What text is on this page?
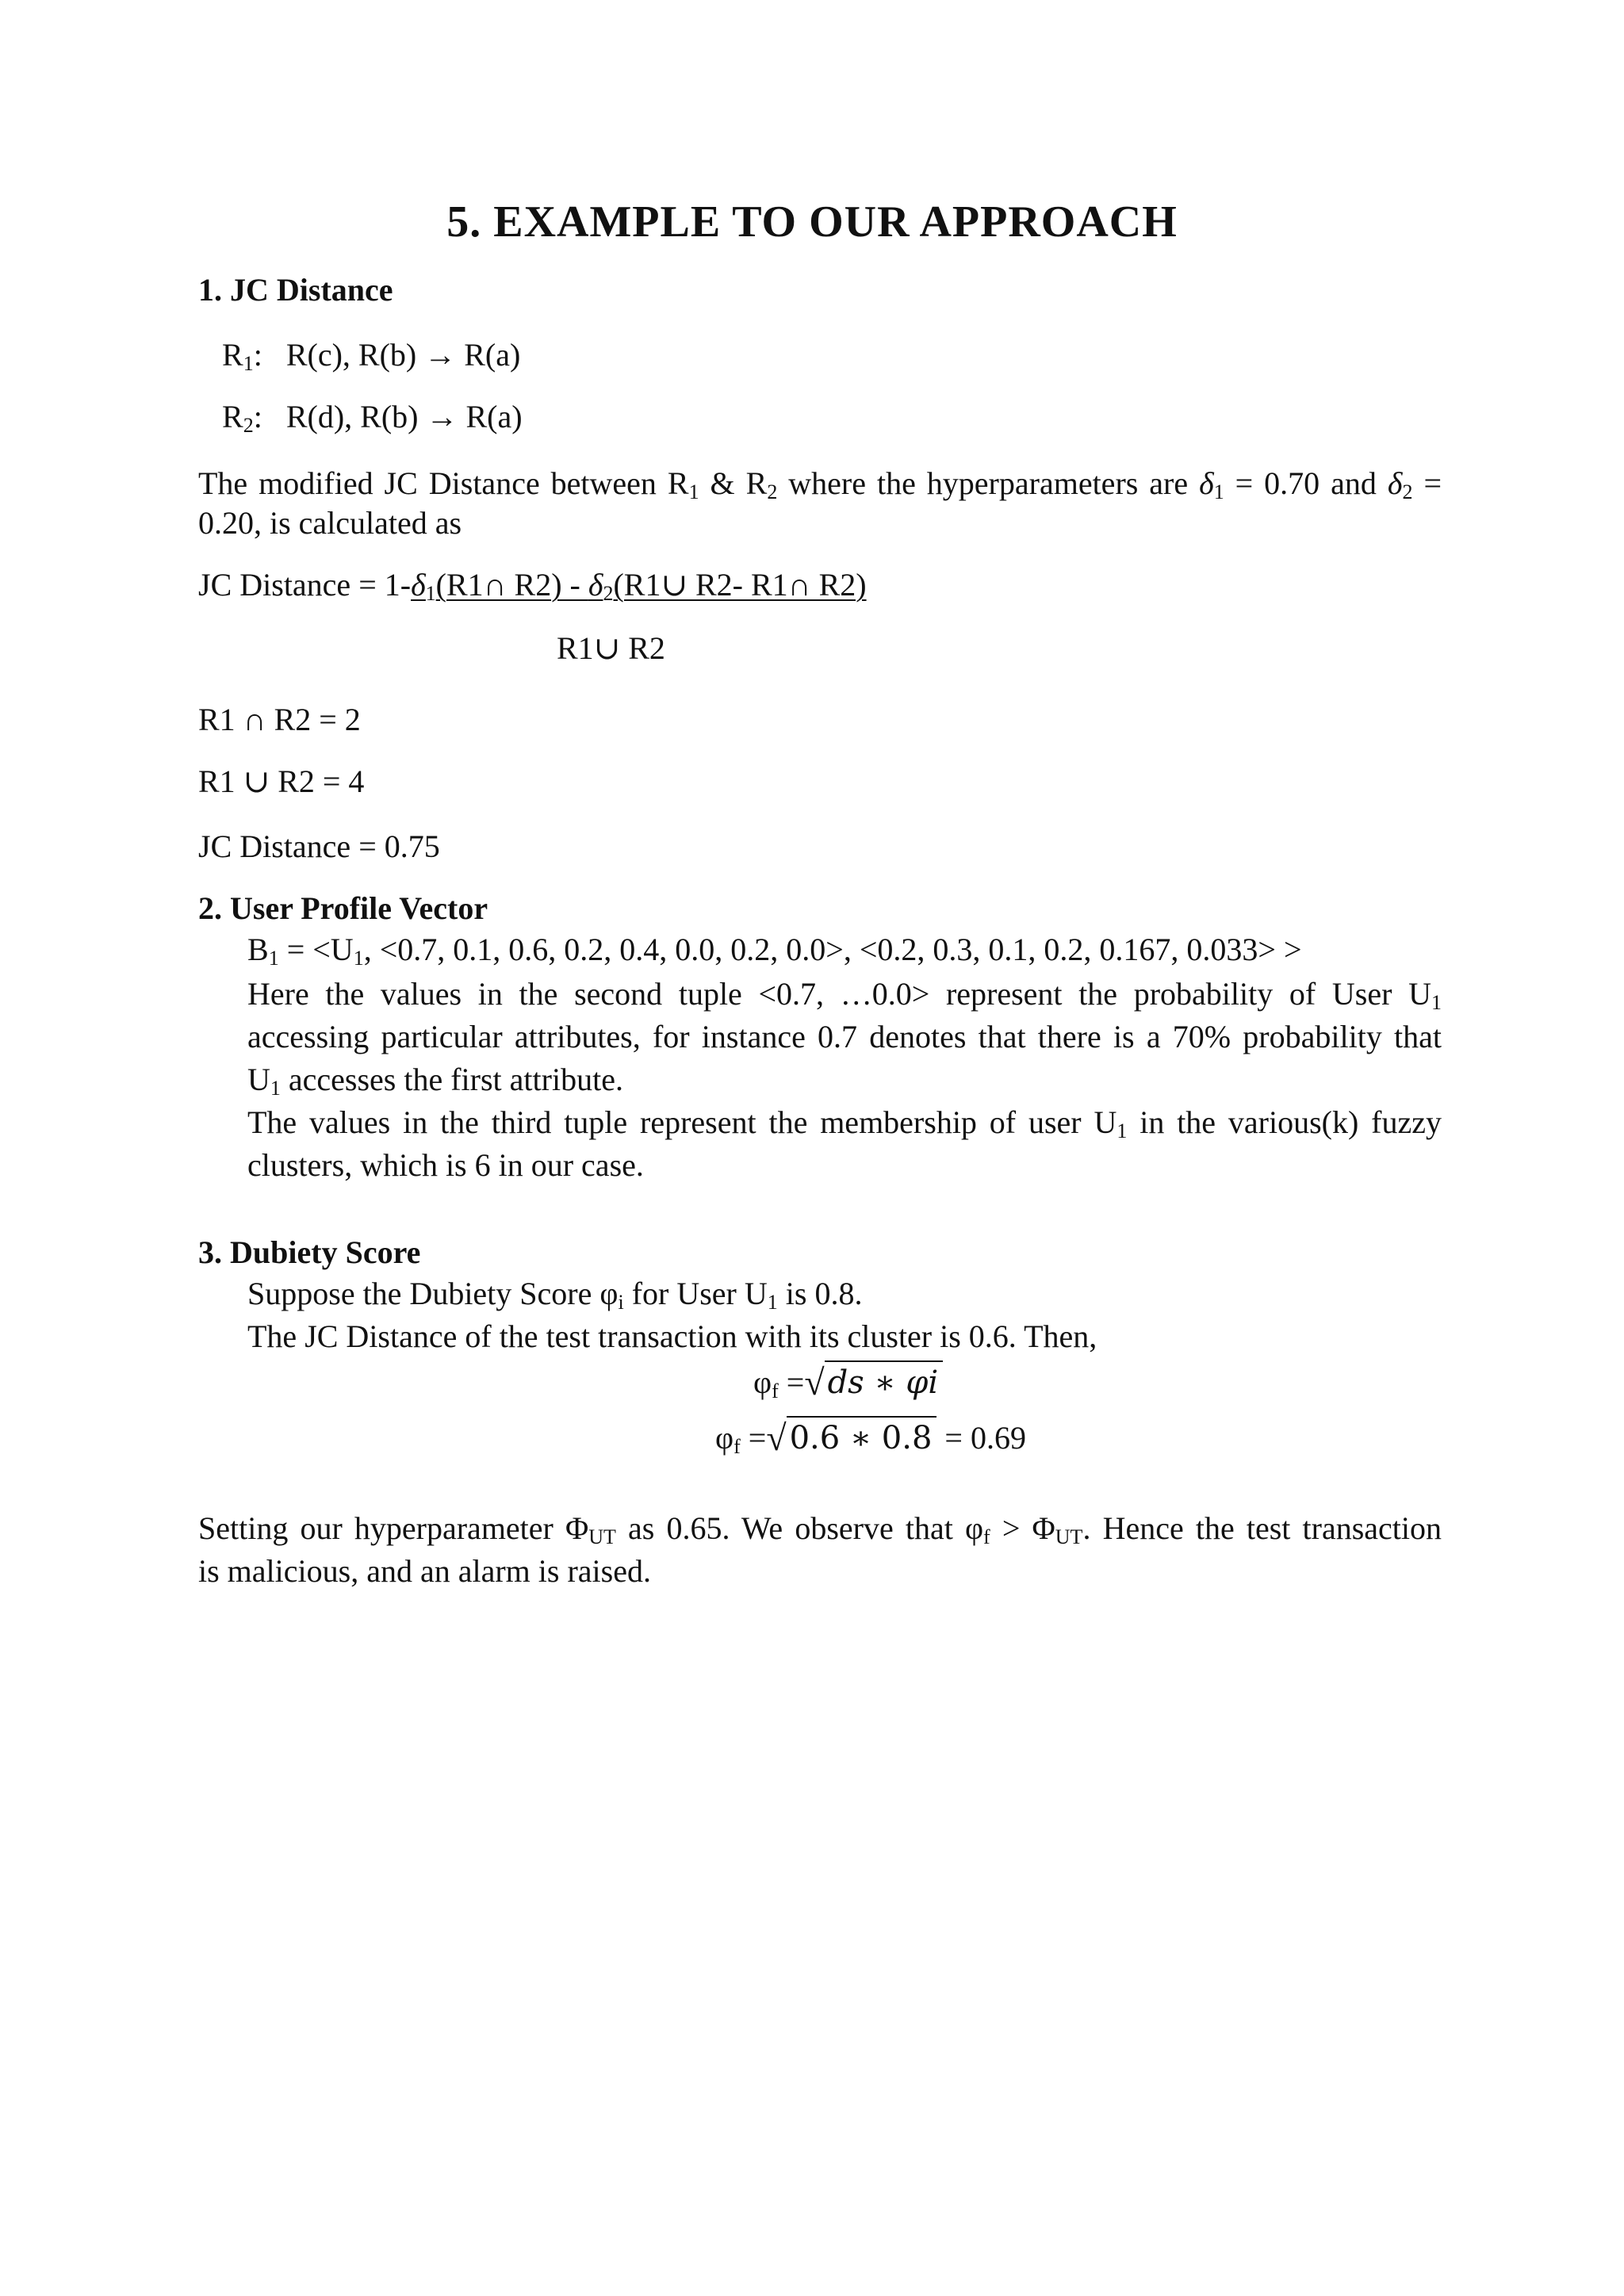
5. EXAMPLE TO OUR APPROACH
1. JC Distance
$R_1$:   R(c), R(b) → R(a)
$R_2$:   R(d), R(b) → R(a)
The modified JC Distance between $R_1$ & $R_2$ where the hyperparameters are $\delta_1 = 0.70$ and $\delta_2$ =
0.20, is calculated as
JC Distance = $1-\delta_1(R1\cap$ $R2) - \delta_2(R1\cup$ R2- R1∩ R2)
R1∪ R2
R1 ∩ R2 = 2
R1 ∪ R2 = 4
JC Distance = 0.75
2. User Profile Vector
$B_1 = <U_1$, <0.7, 0.1, 0.6, 0.2, 0.4, 0.0, 0.2, 0.0>, <0.2, 0.3, 0.1, 0.2, 0.167, 0.033> >
Here the values in the second tuple <0.7, …0.0> represent the probability of User $U_1$
accessing particular attributes, for instance 0.7 denotes that there is a 70% probability that
$U_1$ accesses the first attribute.
The values in the third tuple represent the membership of user $U_1$ in the various(k) fuzzy
clusters, which is 6 in our case.
3. Dubiety Score
Suppose the Dubiety Score $\varphi_i$ for User $U_1$ is 0.8.
The JC Distance of the test transaction with its cluster is 0.6. Then,
$\varphi_f$ =√ ds ∗ φi
$\varphi_f$ =√ 0.6 ∗ 0.8 = 0.69
Setting our hyperparameter $\Phi_{UT}$ as 0.65. We observe that $\varphi_f > \Phi_{UT}$. Hence the test transaction
is malicious, and an alarm is raised.
